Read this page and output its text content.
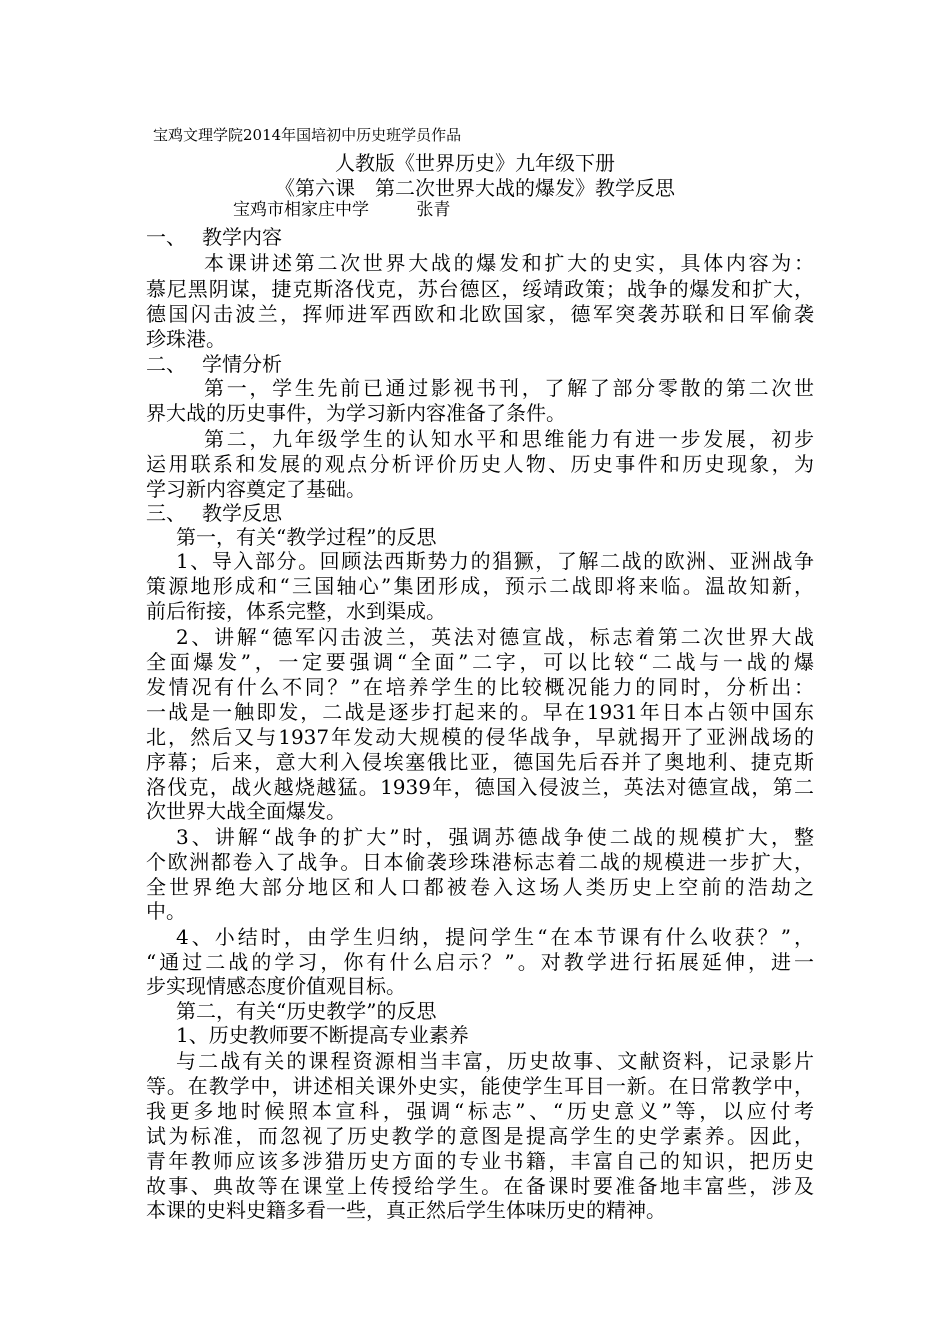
宝鸡文理学院2014年国培初中历史班学员作品
人教版《世界历史》九年级下册
《第六课　第二次世界大战的爆发》教学反思
宝鸡市相家庄中学	张青
一、 教学内容
本课讲述第二次世界大战的爆发和扩大的史实，具体内容为：
慕尼黑阴谋，捷克斯洛伐克，苏台德区，绥靖政策；战争的爆发和扩大，
德国闪击波兰，挥师进军西欧和北欧国家，德军突袭苏联和日军偷袭
珍珠港。
二、 学情分析
第一，学生先前已通过影视书刊，了解了部分零散的第二次世
界大战的历史事件，为学习新内容准备了条件。
第二，九年级学生的认知水平和思维能力有进一步发展，初步
运用联系和发展的观点分析评价历史人物、历史事件和历史现象，为
学习新内容奠定了基础。
三、 教学反思
第一，有关“教学过程”的反思
1、导入部分。回顾法西斯势力的猖獗，了解二战的欧洲、亚洲战争
策源地形成和“三国轴心”集团形成，预示二战即将来临。温故知新，
前后衔接，体系完整，水到渠成。
2、讲解“德军闪击波兰，英法对德宣战，标志着第二次世界大战
全面爆发”，一定要强调“全面”二字，可以比较“二战与一战的爆
发情况有什么不同？”在培养学生的比较概况能力的同时，分析出：
一战是一触即发，二战是逐步打起来的。早在1931年日本占领中国东
北，然后又与1937年发动大规模的侵华战争，早就揭开了亚洲战场的
序幕；后来，意大利入侵埃塞俄比亚，德国先后吞并了奥地利、捷克斯
洛伐克，战火越烧越猛。1939年，德国入侵波兰，英法对德宣战，第二
次世界大战全面爆发。
3、讲解“战争的扩大”时，强调苏德战争使二战的规模扩大，整
个欧洲都卷入了战争。日本偷袭珍珠港标志着二战的规模进一步扩大，
全世界绝大部分地区和人口都被卷入这场人类历史上空前的浩劫之
中。
4、小结时，由学生归纳，提问学生“在本节课有什么收获？”，
“通过二战的学习，你有什么启示？”。对教学进行拓展延伸，进一
步实现情感态度价值观目标。
第二，有关“历史教学”的反思
1、历史教师要不断提高专业素养
与二战有关的课程资源相当丰富，历史故事、文献资料，记录影片
等。在教学中，讲述相关课外史实，能使学生耳目一新。在日常教学中，
我更多地时候照本宣科，强调“标志”、“历史意义”等，以应付考
试为标准，而忽视了历史教学的意图是提高学生的史学素养。因此，
青年教师应该多涉猎历史方面的专业书籍，丰富自己的知识，把历史
故事、典故等在课堂上传授给学生。在备课时要准备地丰富些，涉及
本课的史料史籍多看一些，真正然后学生体味历史的精神。
